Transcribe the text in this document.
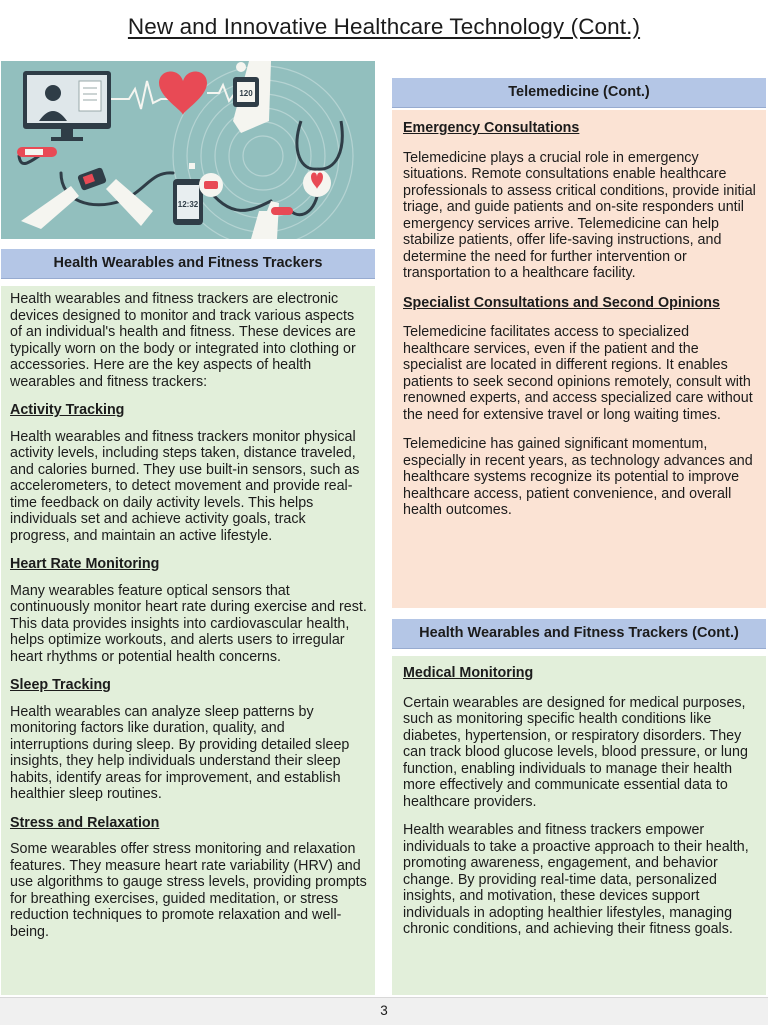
New and Innovative Healthcare Technology (Cont.)
120
12:32
Health Wearables and Fitness Trackers

Health wearables and fitness trackers are electronic devices designed to monitor and track various aspects of an individual's health and fitness. These devices are typically worn on the body or integrated into clothing or accessories. Here are the key aspects of health wearables and fitness trackers:

Activity Tracking

Health wearables and fitness trackers monitor physical activity levels, including steps taken, distance traveled, and calories burned. They use built-in sensors, such as accelerometers, to detect movement and provide real-time feedback on daily activity levels. This helps individuals set and achieve activity goals, track progress, and maintain an active lifestyle.

Heart Rate Monitoring

Many wearables feature optical sensors that continuously monitor heart rate during exercise and rest. This data provides insights into cardiovascular health, helps optimize workouts, and alerts users to irregular heart rhythms or potential health concerns.

Sleep Tracking

Health wearables can analyze sleep patterns by monitoring factors like duration, quality, and interruptions during sleep. By providing detailed sleep insights, they help individuals understand their sleep habits, identify areas for improvement, and establish healthier sleep routines.

Stress and Relaxation

Some wearables offer stress monitoring and relaxation features. They measure heart rate variability (HRV) and use algorithms to gauge stress levels, providing prompts for breathing exercises, guided meditation, or stress reduction techniques to promote relaxation and well-being.

Telemedicine (Cont.)

Emergency Consultations

Telemedicine plays a crucial role in emergency situations. Remote consultations enable healthcare professionals to assess critical conditions, provide initial triage, and guide patients and on-site responders until emergency services arrive. Telemedicine can help stabilize patients, offer life-saving instructions, and determine the need for further intervention or transportation to a healthcare facility.

Specialist Consultations and Second Opinions

Telemedicine facilitates access to specialized healthcare services, even if the patient and the specialist are located in different regions. It enables patients to seek second opinions remotely, consult with renowned experts, and access specialized care without the need for extensive travel or long waiting times.

Telemedicine has gained significant momentum, especially in recent years, as technology advances and healthcare systems recognize its potential to improve healthcare access, patient convenience, and overall health outcomes.

Health Wearables and Fitness Trackers (Cont.)

Medical Monitoring

Certain wearables are designed for medical purposes, such as monitoring specific health conditions like diabetes, hypertension, or respiratory disorders. They can track blood glucose levels, blood pressure, or lung function, enabling individuals to manage their health more effectively and communicate essential data to healthcare providers.

Health wearables and fitness trackers empower individuals to take a proactive approach to their health, promoting awareness, engagement, and behavior change. By providing real-time data, personalized insights, and motivation, these devices support individuals in adopting healthier lifestyles, managing chronic conditions, and achieving their fitness goals.

3
